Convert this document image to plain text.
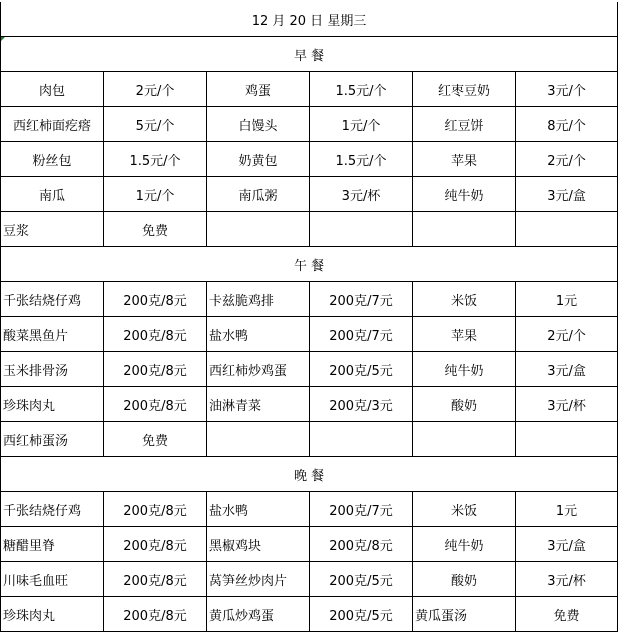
12 月 20 日 星期三					
早 餐					
肉包	2元/个	鸡蛋	1.5元/个	红枣豆奶	3元/个
西红柿面疙瘩	5元/个	白馒头	1元/个	红豆饼	8元/个
粉丝包	1.5元/个	奶黄包	1.5元/个	苹果	2元/个
南瓜	1元/个	南瓜粥	3元/杯	纯牛奶	3元/盒
豆浆	免费				
午 餐					
千张结烧仔鸡	200克/8元	卡兹脆鸡排	200克/7元	米饭	1元
酸菜黑鱼片	200克/8元	盐水鸭	200克/7元	苹果	2元/个
玉米排骨汤	200克/8元	西红柿炒鸡蛋	200克/5元	纯牛奶	3元/盒
珍珠肉丸	200克/8元	油淋青菜	200克/3元	酸奶	3元/杯
西红柿蛋汤	免费				
晚 餐					
千张结烧仔鸡	200克/8元	盐水鸭	200克/7元	米饭	1元
糖醋里脊	200克/8元	黑椒鸡块	200克/8元	纯牛奶	3元/盒
川味毛血旺	200克/8元	莴笋丝炒肉片	200克/5元	酸奶	3元/杯
珍珠肉丸	200克/8元	黄瓜炒鸡蛋	200克/5元	黄瓜蛋汤	免费
